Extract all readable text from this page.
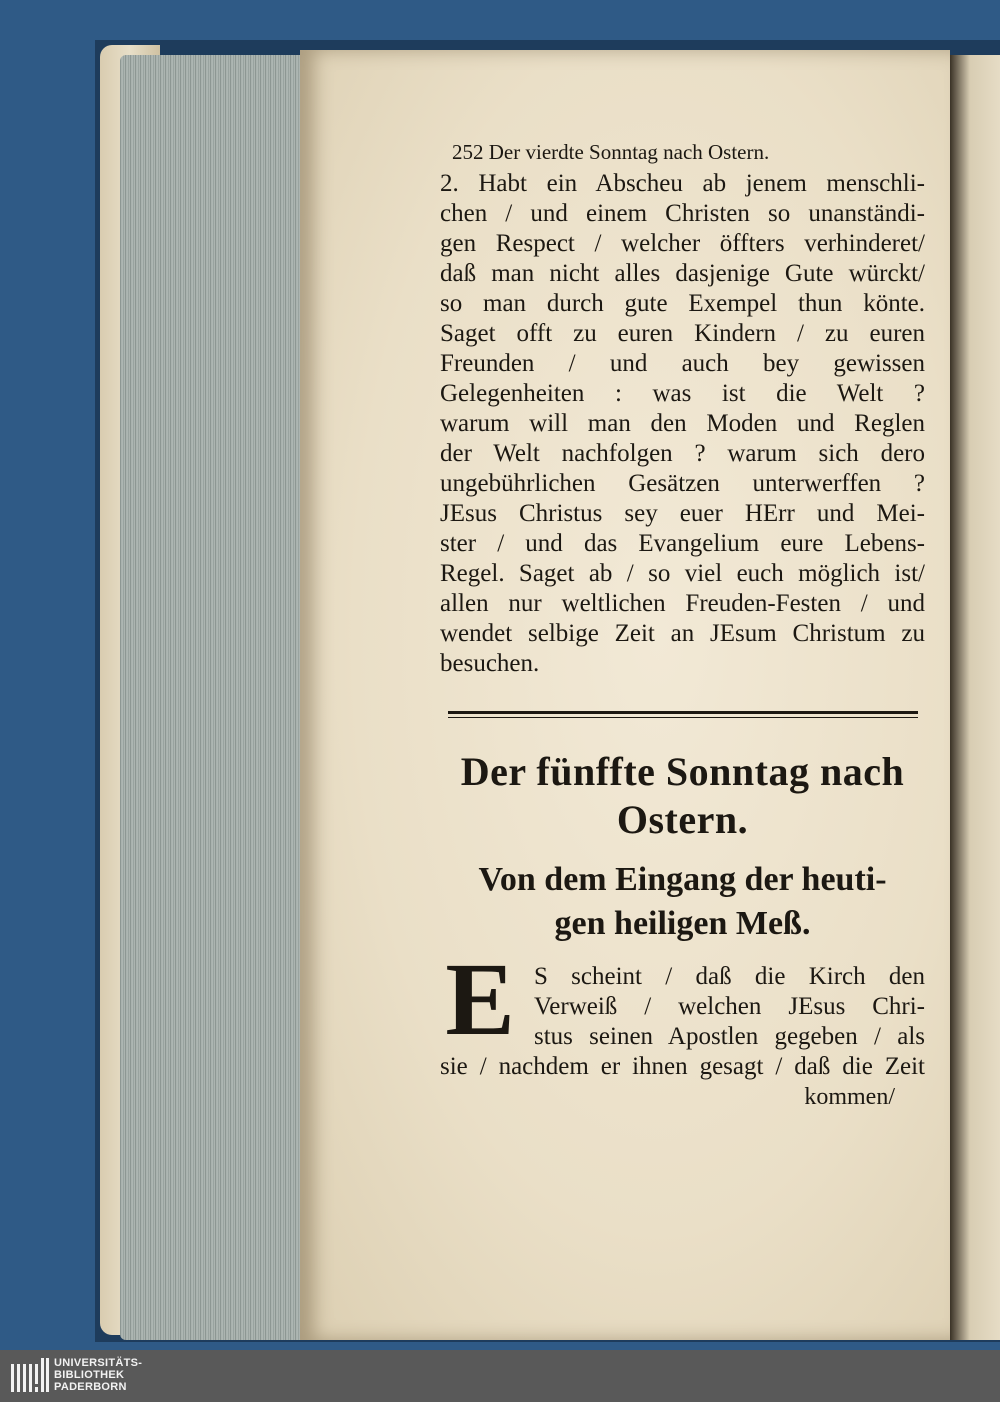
252 Der vierdte Sonntag nach Ostern.
2. Habt ein Abscheu ab jenem menschli-
chen / und einem Christen so unanständi-
gen Respect / welcher öffters verhinderet/
daß man nicht alles dasjenige Gute würckt/
so man durch gute Exempel thun könte.
Saget offt zu euren Kindern / zu euren
Freunden / und auch bey gewissen
Gelegenheiten : was ist die Welt ?
warum will man den Moden und Reglen
der Welt nachfolgen ? warum sich dero
ungebührlichen Gesätzen unterwerffen ?
JEsus Christus sey euer HErr und Mei-
ster / und das Evangelium eure Lebens-
Regel. Saget ab / so viel euch möglich ist/
allen nur weltlichen Freuden-Festen / und
wendet selbige Zeit an JEsum Christum zu
besuchen.
Der fünffte Sonntag nach
Ostern.
Von dem Eingang der heuti-
gen heiligen Meß.
E S scheint / daß die Kirch den
Verweiß / welchen JEsus Chri-
stus seinen Apostlen gegeben / als
sie / nachdem er ihnen gesagt / daß die Zeit
kommen/
UNIVERSITÄTS-
BIBLIOTHEK
PADERBORN
